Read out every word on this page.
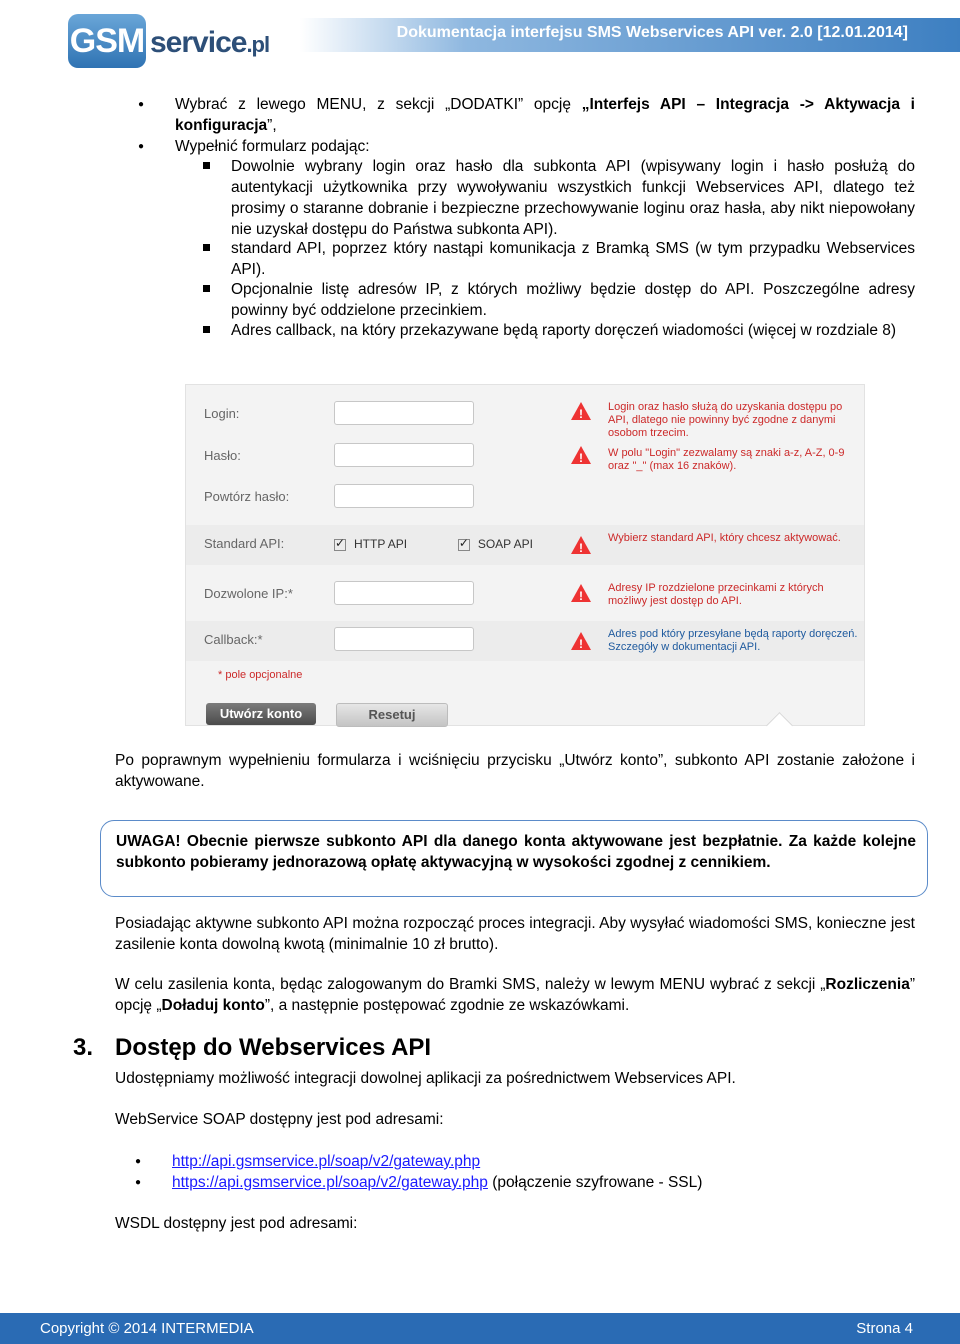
GSM service.pl	Dokumentacja interfejsu SMS Webservices API ver. 2.0 [12.01.2014]
● Wybrać z lewego MENU, z sekcji „DODATKI” opcję „Interfejs API – Integracja -> Aktywacja i konfiguracja”,
● Wypełnić formularz podając:
Dowolnie wybrany login oraz hasło dla subkonta API (wpisywany login i hasło posłużą do autentykacji użytkownika przy wywoływaniu wszystkich funkcji Webservices API, dlatego też prosimy o staranne dobranie i bezpieczne przechowywanie loginu oraz hasła, aby nikt niepowołany nie uzyskał dostępu do Państwa subkonta API).
standard API, poprzez który nastąpi komunikacja z Bramką SMS (w tym przypadku Webservices API).
Opcjonalnie listę adresów IP, z których możliwy będzie dostęp do API. Poszczególne adresy powinny być oddzielone przecinkiem.
Adres callback, na który przekazywane będą raporty doręczeń wiadomości (więcej w rozdziale 8)
Login:	! Login oraz hasło służą do uzyskania dostępu po API, dlatego nie powinny być zgodne z danymi osobom trzecim.
Hasło:	! W polu "Login" zezwalamy są znaki a-z, A-Z, 0-9 oraz "_" (max 16 znaków).
Powtórz hasło:
Standard API: ✓	HTTP API ✓	SOAP API	!
Wybierz standard API, który chcesz aktywować.
Dozwolone IP:*	!
Adresy IP rozdzielone przecinkami z których możliwy jest dostęp do API.
Callback:*	!
Adres pod który przesyłane będą raporty doręczeń. Szczegóły w dokumentacji API.
* pole opcjonalne
Utwórz konto	Resetuj
Po poprawnym wypełnieniu formularza i wciśnięciu przycisku „Utwórz konto”, subkonto API zostanie założone i aktywowane.
UWAGA! Obecnie pierwsze subkonto API dla danego konta aktywowane jest bezpłatnie. Za każde kolejne subkonto pobieramy jednorazową opłatę aktywacyjną w wysokości zgodnej z cennikiem.
Posiadając aktywne subkonto API można rozpocząć proces integracji. Aby wysyłać wiadomości SMS, konieczne jest zasilenie konta dowolną kwotą (minimalnie 10 zł brutto).
W celu zasilenia konta, będąc zalogowanym do Bramki SMS, należy w lewym MENU wybrać z sekcji „Rozliczenia” opcję „Doładuj konto”, a następnie postępować zgodnie ze wskazówkami.
3. Dostęp do Webservices API
Udostępniamy możliwość integracji dowolnej aplikacji za pośrednictwem Webservices API.
WebService SOAP dostępny jest pod adresami:
● http://api.gsmservice.pl/soap/v2/gateway.php
● https://api.gsmservice.pl/soap/v2/gateway.php (połączenie szyfrowane - SSL)
WSDL dostępny jest pod adresami:
Copyright © 2014 INTERMEDIA	Strona 4
